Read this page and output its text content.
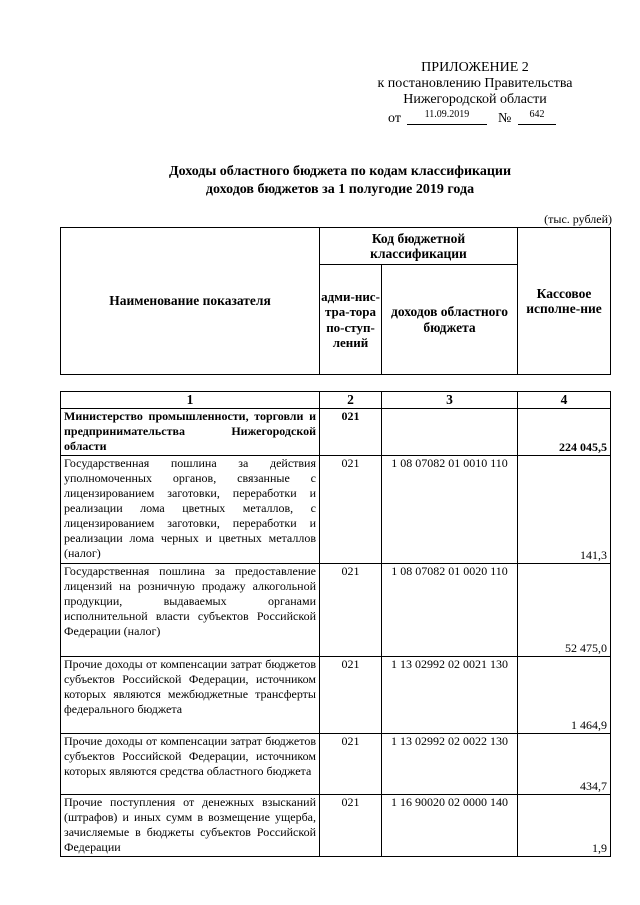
ПРИЛОЖЕНИЕ 2
к постановлению Правительства
Нижегородской области
от	11.09.2019	№	642
Доходы областного бюджета по кодам классификации
доходов бюджетов за 1 полугодие 2019 года
(тыс. рублей)
Наименование показателя	Код бюджетной классификации		Кассовое исполне-ние
	адми-нис-тра-тора по-ступ-лений	доходов областного бюджета	
1	2	3	4
Министерство промышленности, торговли и предпринимательства Нижегородской области	021		224 045,5
Государственная пошлина за действия уполномоченных органов, связанные с лицензированием заготовки, переработки и реализации лома цветных металлов, с лицензированием заготовки, переработки и реализации лома черных и цветных металлов (налог)	021	1 08 07082 01 0010 110	141,3
Государственная пошлина за предоставление лицензий на розничную продажу алкогольной продукции, выдаваемых органами исполнительной власти субъектов Российской Федерации (налог)	021	1 08 07082 01 0020 110	52 475,0
Прочие доходы от компенсации затрат бюджетов субъектов Российской Федерации, источником которых являются межбюджетные трансферты федерального бюджета	021	1 13 02992 02 0021 130	1 464,9
Прочие доходы от компенсации затрат бюджетов субъектов Российской Федерации, источником которых являются средства областного бюджета	021	1 13 02992 02 0022 130	434,7
Прочие поступления от денежных взысканий (штрафов) и иных сумм в возмещение ущерба, зачисляемые в бюджеты субъектов Российской Федерации	021	1 16 90020 02 0000 140	1,9
